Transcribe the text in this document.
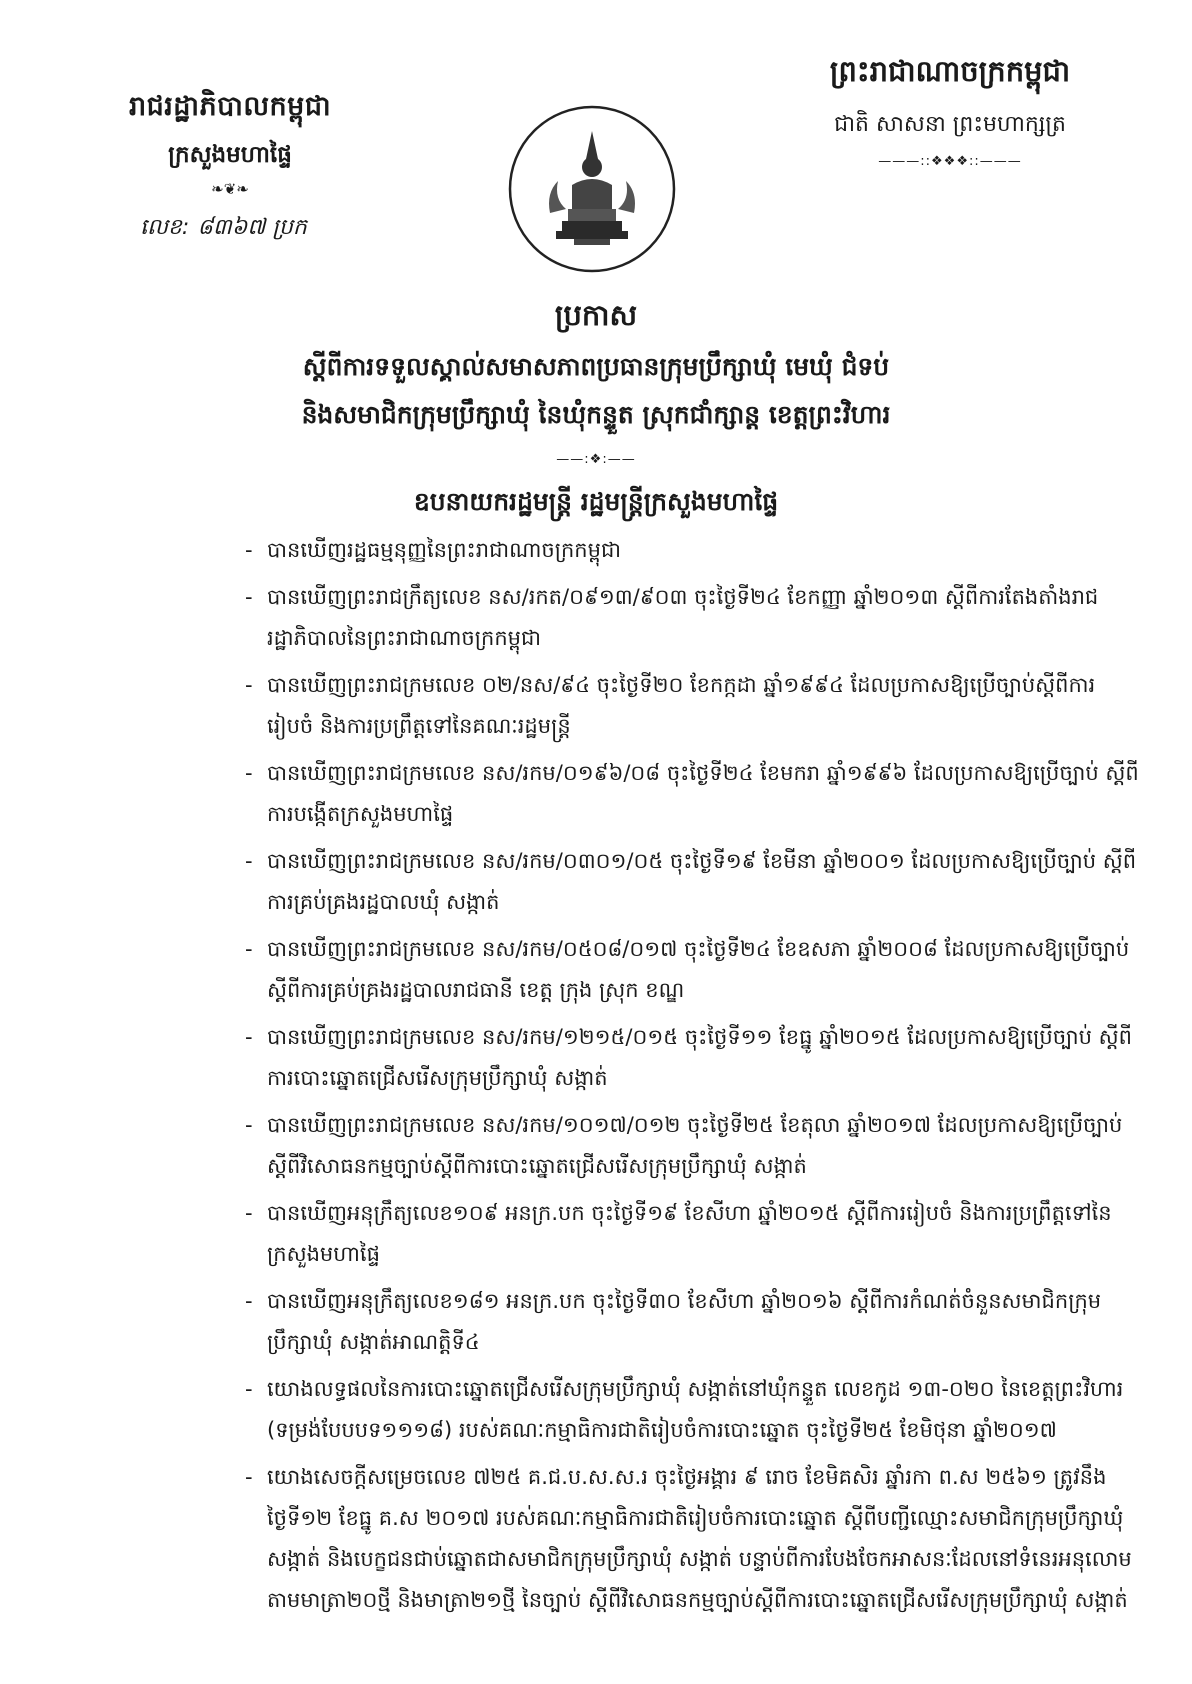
រាជរដ្ឋាភិបាលកម្ពុជា
ក្រសួងមហាផ្ទៃ
❧❦❧
លេខ: ៨៣៦៧ ប្រក
ព្រះរាជាណាចក្រកម្ពុជា
ជាតិ សាសនា ព្រះមហាក្សត្រ
———::❖❖❖::———
ប្រកាស
ស្តីពីការទទួលស្គាល់សមាសភាពប្រធានក្រុមប្រឹក្សាឃុំ មេឃុំ ជំទប់
និងសមាជិកក្រុមប្រឹក្សាឃុំ នៃឃុំកន្ទួត ស្រុកជាំក្សាន្ត ខេត្តព្រះវិហារ
——:❖:——
ឧបនាយករដ្ឋមន្ត្រី រដ្ឋមន្ត្រីក្រសួងមហាផ្ទៃ
- បានឃើញរដ្ឋធម្មនុញ្ញនៃព្រះរាជាណាចក្រកម្ពុជា
- បានឃើញព្រះរាជក្រឹត្យលេខ នស/រកត/០៩១៣/៩០៣ ចុះថ្ងៃទី២៤ ខែកញ្ញា ឆ្នាំ២០១៣ ស្តីពីការតែងតាំងរាជរដ្ឋាភិបាលនៃព្រះរាជាណាចក្រកម្ពុជា
- បានឃើញព្រះរាជក្រមលេខ ០២/នស/៩៤ ចុះថ្ងៃទី២០ ខែកក្កដា ឆ្នាំ១៩៩៤ ដែលប្រកាសឱ្យប្រើច្បាប់ស្តីពីការរៀបចំ និងការប្រព្រឹត្តទៅនៃគណៈរដ្ឋមន្ត្រី
- បានឃើញព្រះរាជក្រមលេខ នស/រកម/០១៩៦/០៨ ចុះថ្ងៃទី២៤ ខែមករា ឆ្នាំ១៩៩៦ ដែលប្រកាសឱ្យប្រើច្បាប់ ស្តីពីការបង្កើតក្រសួងមហាផ្ទៃ
- បានឃើញព្រះរាជក្រមលេខ នស/រកម/០៣០១/០៥ ចុះថ្ងៃទី១៩ ខែមីនា ឆ្នាំ២០០១ ដែលប្រកាសឱ្យប្រើច្បាប់ ស្តីពីការគ្រប់គ្រងរដ្ឋបាលឃុំ សង្កាត់
- បានឃើញព្រះរាជក្រមលេខ នស/រកម/០៥០៨/០១៧ ចុះថ្ងៃទី២៤ ខែឧសភា ឆ្នាំ២០០៨ ដែលប្រកាសឱ្យប្រើច្បាប់ ស្តីពីការគ្រប់គ្រងរដ្ឋបាលរាជធានី ខេត្ត ក្រុង ស្រុក ខណ្ឌ
- បានឃើញព្រះរាជក្រមលេខ នស/រកម/១២១៥/០១៥ ចុះថ្ងៃទី១១ ខែធ្នូ ឆ្នាំ២០១៥ ដែលប្រកាសឱ្យប្រើច្បាប់ ស្តីពីការបោះឆ្នោតជ្រើសរើសក្រុមប្រឹក្សាឃុំ សង្កាត់
- បានឃើញព្រះរាជក្រមលេខ នស/រកម/១០១៧/០១២ ចុះថ្ងៃទី២៥ ខែតុលា ឆ្នាំ២០១៧ ដែលប្រកាសឱ្យប្រើច្បាប់ ស្តីពីវិសោធនកម្មច្បាប់ស្តីពីការបោះឆ្នោតជ្រើសរើសក្រុមប្រឹក្សាឃុំ សង្កាត់
- បានឃើញអនុក្រឹត្យលេខ១០៩ អនក្រ.បក ចុះថ្ងៃទី១៩ ខែសីហា ឆ្នាំ២០១៥ ស្តីពីការរៀបចំ និងការប្រព្រឹត្តទៅនៃក្រសួងមហាផ្ទៃ
- បានឃើញអនុក្រឹត្យលេខ១៨១ អនក្រ.បក ចុះថ្ងៃទី៣០ ខែសីហា ឆ្នាំ២០១៦ ស្តីពីការកំណត់ចំនួនសមាជិកក្រុមប្រឹក្សាឃុំ សង្កាត់អាណត្តិទី៤
- យោងលទ្ធផលនៃការបោះឆ្នោតជ្រើសរើសក្រុមប្រឹក្សាឃុំ សង្កាត់នៅឃុំកន្ទួត លេខកូដ ១៣-០២០ នៃខេត្តព្រះវិហារ (ទម្រង់បែបបទ១១១៨) របស់គណៈកម្មាធិការជាតិរៀបចំការបោះឆ្នោត ចុះថ្ងៃទី២៥ ខែមិថុនា ឆ្នាំ២០១៧
- យោងសេចក្តីសម្រេចលេខ ៧២៥ គ.ជ.ប.ស.ស.រ ចុះថ្ងៃអង្គារ ៩ រោច ខែមិគសិរ ឆ្នាំរកា ព.ស ២៥៦១ ត្រូវនឹងថ្ងៃទី១២ ខែធ្នូ គ.ស ២០១៧ របស់គណៈកម្មាធិការជាតិរៀបចំការបោះឆ្នោត ស្តីពីបញ្ជីឈ្មោះសមាជិកក្រុមប្រឹក្សាឃុំ សង្កាត់ និងបេក្ខជនជាប់ឆ្នោតជាសមាជិកក្រុមប្រឹក្សាឃុំ សង្កាត់ បន្ទាប់ពីការបែងចែកអាសនៈដែលនៅទំនេរអនុលោមតាមមាត្រា២០ថ្មី និងមាត្រា២១ថ្មី នៃច្បាប់ ស្តីពីវិសោធនកម្មច្បាប់ស្តីពីការបោះឆ្នោតជ្រើសរើសក្រុមប្រឹក្សាឃុំ សង្កាត់
